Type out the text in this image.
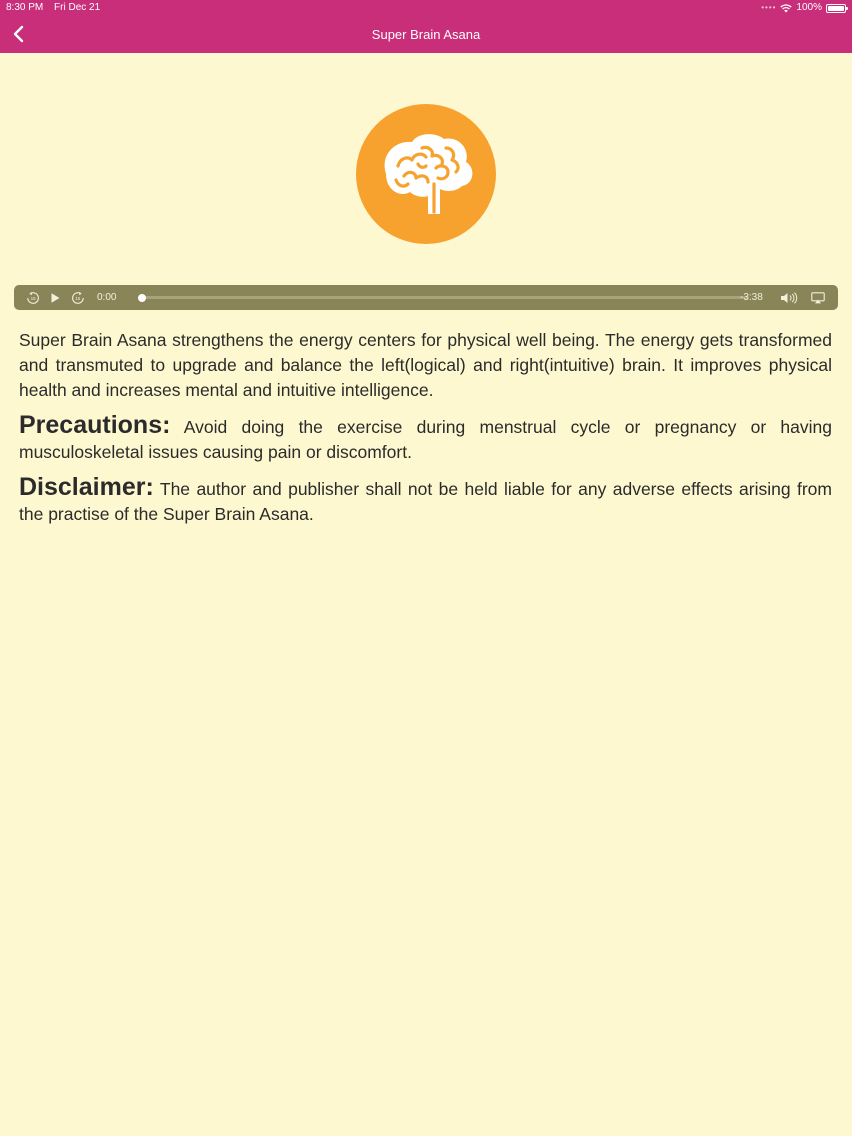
8:30 PM Fri Dec 21	•••• 100%
Super Brain Asana
15	15 0:00	-3:38

Super Brain Asana strengthens the energy centers for physical well being. The energy gets transformed and transmuted to upgrade and balance the left(logical) and right(intuitive) brain. It improves physical health and increases mental and intuitive intelligence.

Precautions: Avoid doing the exercise during menstrual cycle or pregnancy or having musculoskeletal issues causing pain or discomfort.

Disclaimer: The author and publisher shall not be held liable for any adverse effects arising from the practise of the Super Brain Asana.
